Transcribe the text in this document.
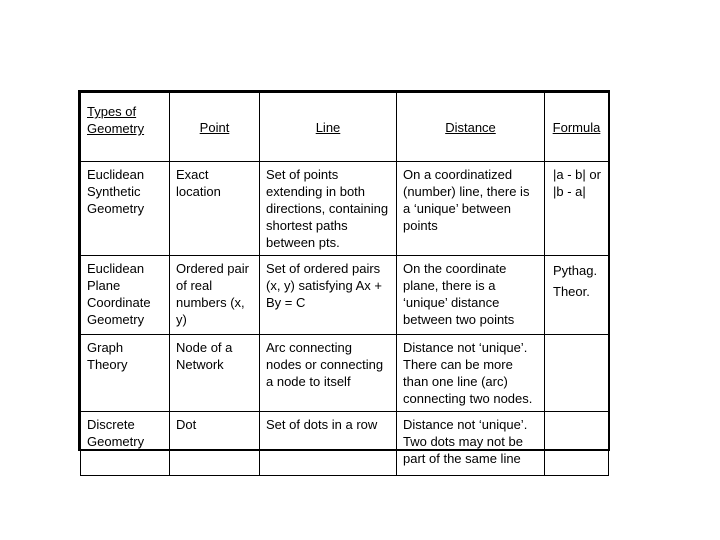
Types of Geometry	Point	Line	Distance	Formula
Euclidean Synthetic Geometry	Exact location	Set of points extending in both directions, containing shortest paths between pts.	On a coordinatized (number) line, there is a ‘unique’ between points	|a - b| or |b - a|
Euclidean Plane Coordinate Geometry	Ordered pair of real numbers (x, y)	Set of ordered pairs (x, y) satisfying Ax + By = C	On the coordinate plane, there is a ‘unique’ distance between two points	Pythag. Theor.
Graph Theory	Node of a Network	Arc connecting nodes or connecting a node to itself	Distance not ‘unique’. There can be more than one line (arc) connecting two nodes.	
Discrete Geometry	Dot	Set of dots in a row	Distance not ‘unique’. Two dots may not be part of the same line	
